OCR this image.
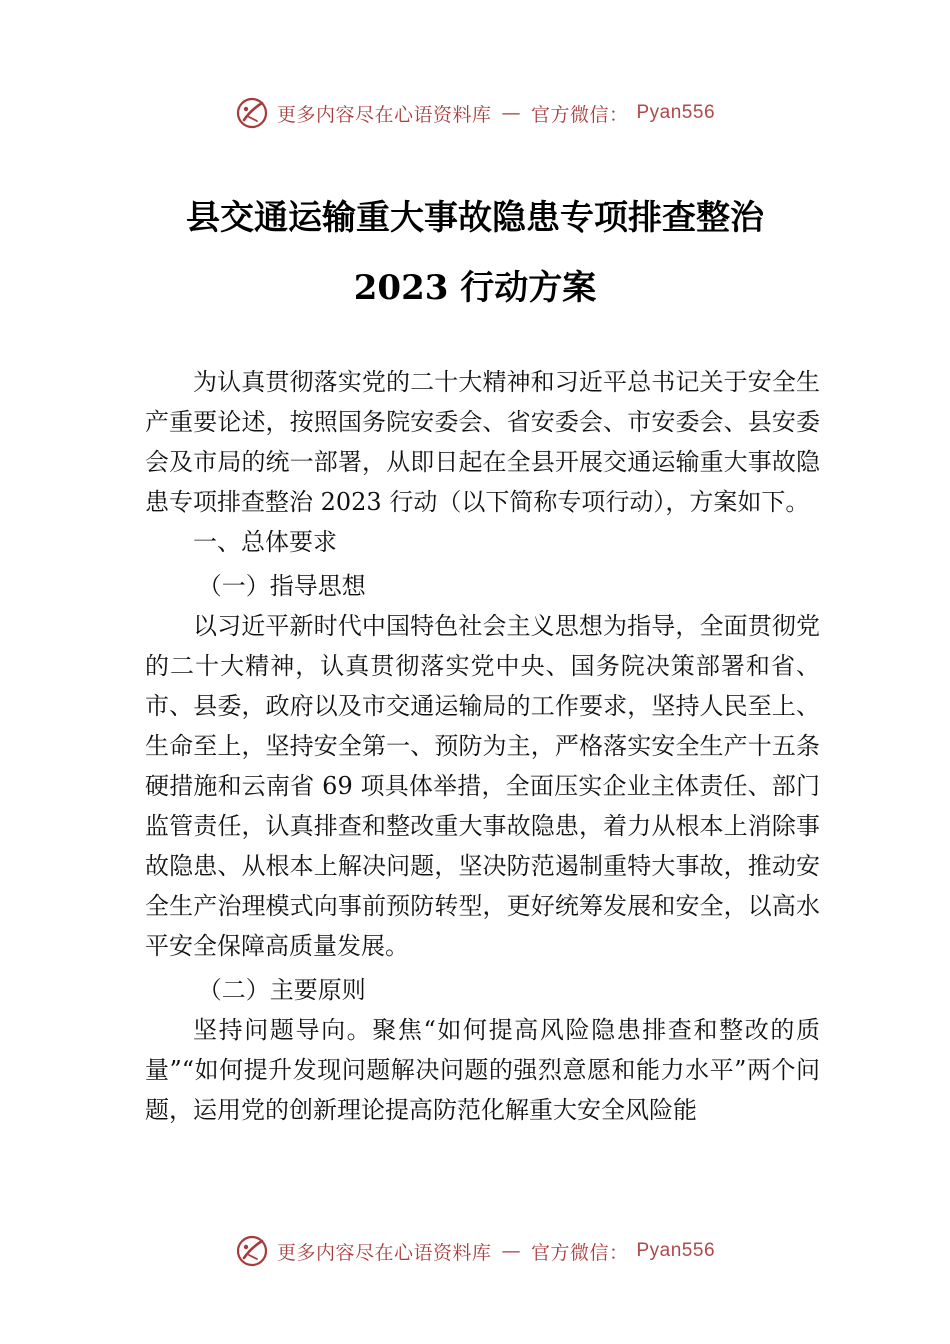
更多内容尽在心语资料库 — 官方微信： Pyan556
县交通运输重大事故隐患专项排查整治
2023 行动方案

为认真贯彻落实党的二十大精神和习近平总书记关于安全生产重要论述，按照国务院安委会、省安委会、市安委会、县安委会及市局的统一部署，从即日起在全县开展交通运输重大事故隐患专项排查整治 2023 行动（以下简称专项行动），方案如下。

一、总体要求

（一）指导思想

以习近平新时代中国特色社会主义思想为指导，全面贯彻党的二十大精神，认真贯彻落实党中央、国务院决策部署和省、市、县委，政府以及市交通运输局的工作要求，坚持人民至上、生命至上，坚持安全第一、预防为主，严格落实安全生产十五条硬措施和云南省 69 项具体举措，全面压实企业主体责任、部门监管责任，认真排查和整改重大事故隐患，着力从根本上消除事故隐患、从根本上解决问题，坚决防范遏制重特大事故，推动安全生产治理模式向事前预防转型，更好统筹发展和安全，以高水平安全保障高质量发展。

（二）主要原则

坚持问题导向。聚焦“如何提高风险隐患排查和整改的质量”“如何提升发现问题解决问题的强烈意愿和能力水平”两个问题，运用党的创新理论提高防范化解重大安全风险能

更多内容尽在心语资料库 — 官方微信： Pyan556
